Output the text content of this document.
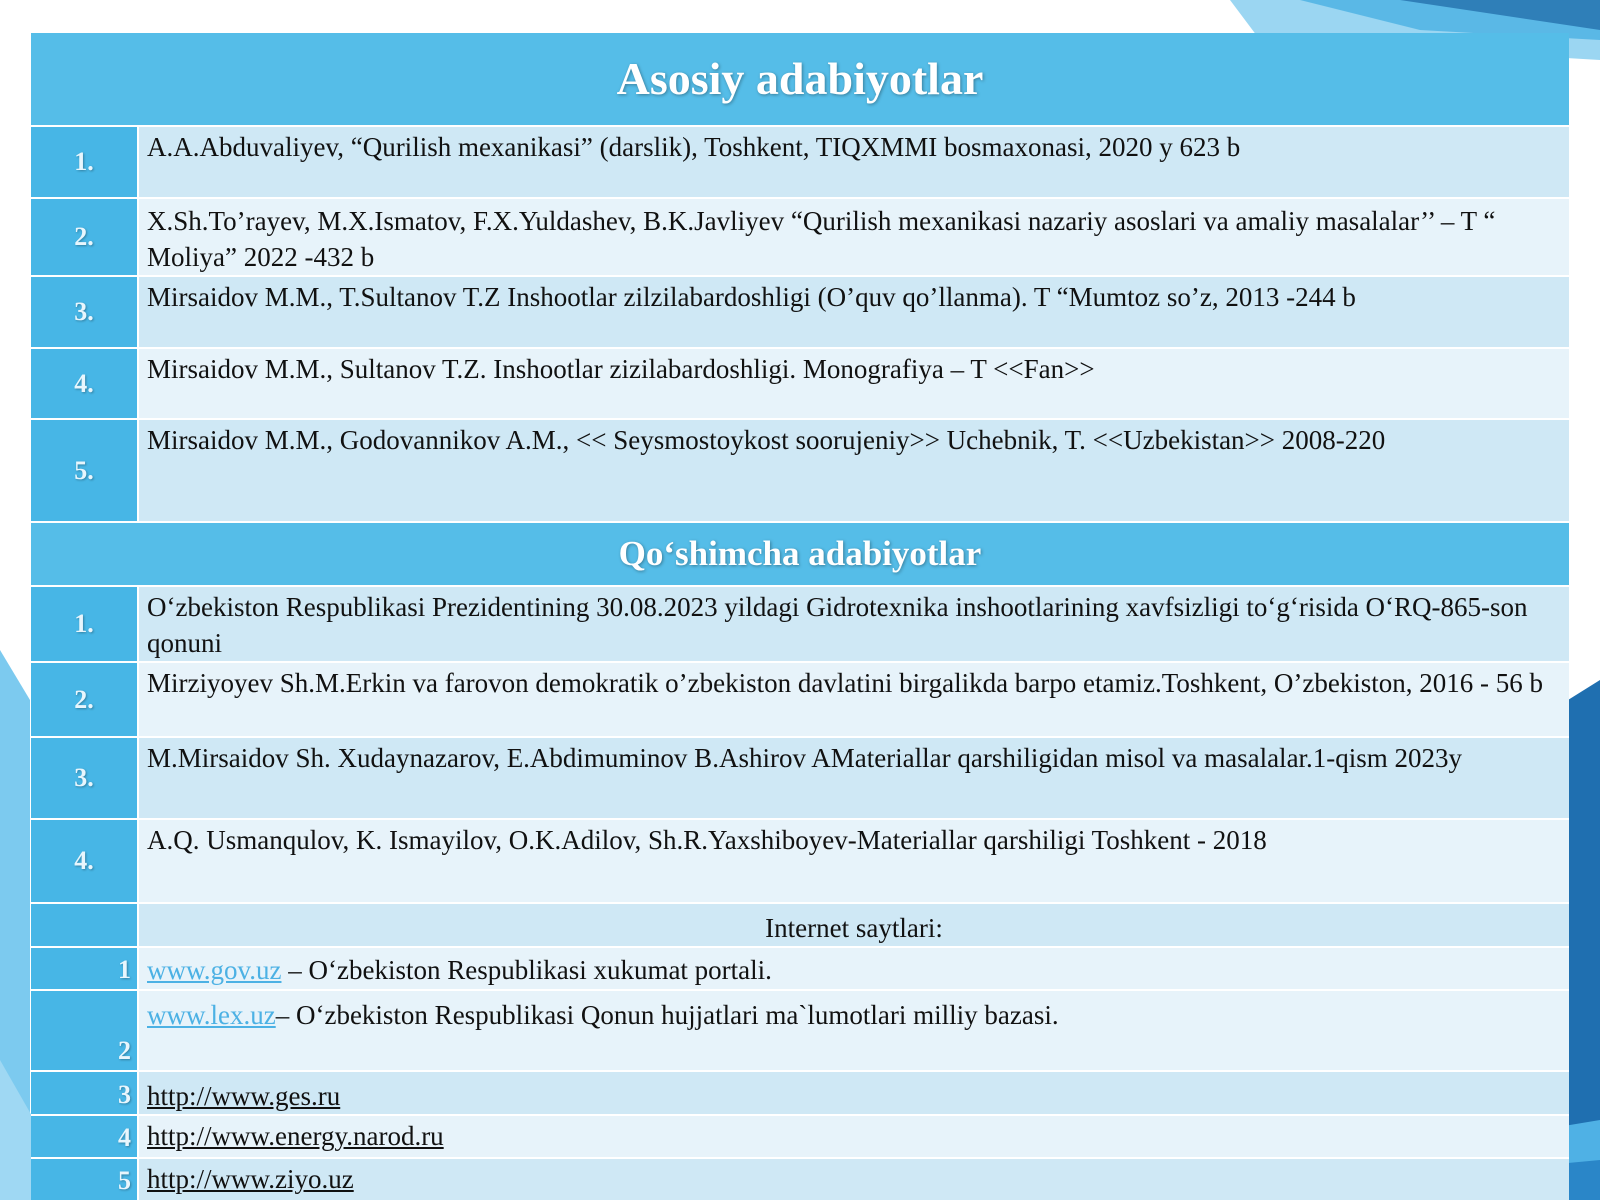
Asosiy adabiyotlar	
1.	A.A.Abduvaliyev, “Qurilish mexanikasi” (darslik), Toshkent, TIQXMMI bosmaxonasi, 2020 y 623 b
2.	X.Sh.To’rayev, M.X.Ismatov, F.X.Yuldashev, B.K.Javliyev “Qurilish mexanikasi nazariy asoslari va amaliy masalalar’’ – T “ Moliya” 2022 -432 b
3.	Mirsaidov M.M., T.Sultanov T.Z Inshootlar zilzilabardoshligi (O’quv qo’llanma). T “Mumtoz so’z, 2013 -244 b
4.	Mirsaidov M.M., Sultanov T.Z. Inshootlar zizilabardoshligi. Monografiya – T <<Fan>>
5.	Mirsaidov M.M., Godovannikov A.M., << Seysmostoykost soorujeniy>> Uchebnik, T. <<Uzbekistan>> 2008-220
Qo‘shimcha adabiyotlar	
1.	O‘zbekiston Respublikasi Prezidentining 30.08.2023 yildagi Gidrotexnika inshootlarining xavfsizligi to‘g‘risida O‘RQ-865-son qonuni
2.	Mirziyoyev Sh.M.Erkin va farovon demokratik o’zbekiston davlatini birgalikda barpo etamiz.Toshkent, O’zbekiston, 2016 - 56 b
3.	M.Mirsaidov Sh. Xudaynazarov, E.Abdimuminov B.Ashirov AMateriallar qarshiligidan misol va masalalar.1-qism 2023y
4.	A.Q. Usmanqulov, K. Ismayilov, O.K.Adilov, Sh.R.Yaxshiboyev-Materiallar qarshiligi Toshkent - 2018
	Internet saytlari:
1	www.gov.uz – O‘zbekiston Respublikasi xukumat portali.
2	www.lex.uz– O‘zbekiston Respublikasi Qonun hujjatlari ma`lumotlari milliy bazasi.
3	http://www.ges.ru
4	http://www.energy.narod.ru
5	http://www.ziyo.uz
